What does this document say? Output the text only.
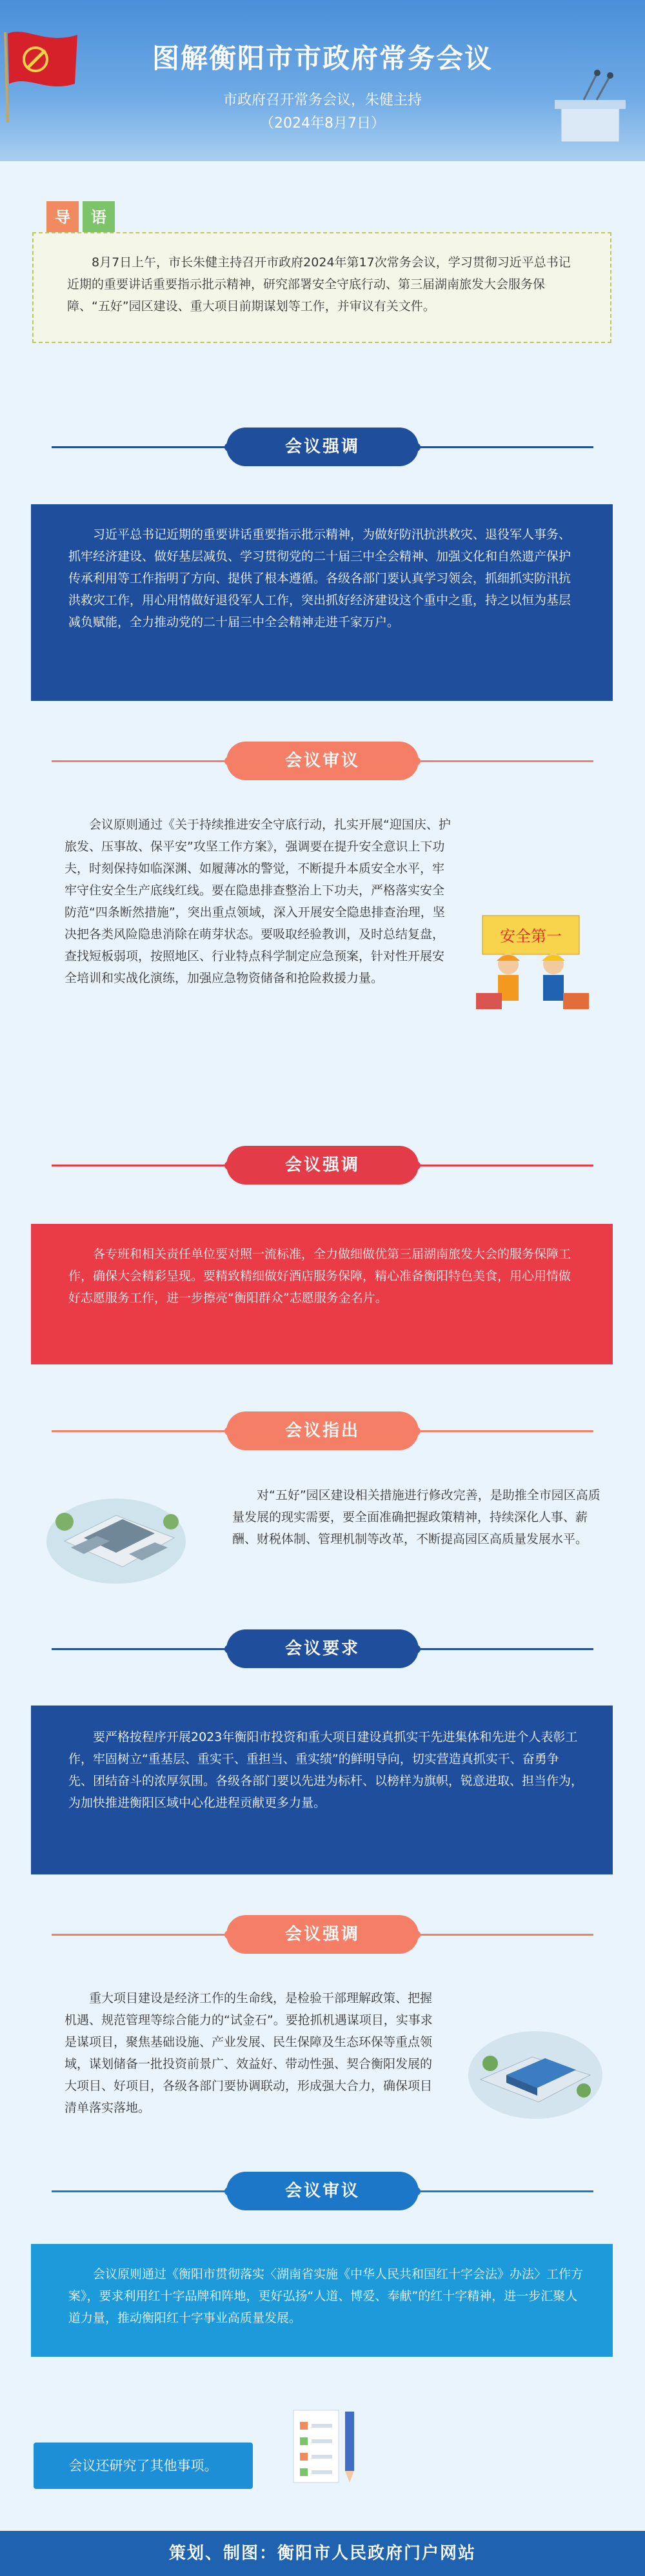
图解衡阳市市政府常务会议
市政府召开常务会议，朱健主持
（2024年8月7日）
导 语

8月7日上午，市长朱健主持召开市政府2024年第17次常务会议，学习贯彻习近平总书记近期的重要讲话重要指示批示精神，研究部署安全守底行动、第三届湖南旅发大会服务保障、“五好”园区建设、重大项目前期谋划等工作，并审议有关文件。

会议强调

习近平总书记近期的重要讲话重要指示批示精神，为做好防汛抗洪救灾、退役军人事务、抓牢经济建设、做好基层减负、学习贯彻党的二十届三中全会精神、加强文化和自然遗产保护传承利用等工作指明了方向、提供了根本遵循。各级各部门要认真学习领会，抓细抓实防汛抗洪救灾工作，用心用情做好退役军人工作，突出抓好经济建设这个重中之重，持之以恒为基层减负赋能，全力推动党的二十届三中全会精神走进千家万户。

会议审议

会议原则通过《关于持续推进安全守底行动，扎实开展“迎国庆、护旅发、压事故、保平安”攻坚工作方案》，强调要在提升安全意识上下功夫，时刻保持如临深渊、如履薄冰的警觉，不断提升本质安全水平，牢牢守住安全生产底线红线。要在隐患排查整治上下功夫，严格落实安全防范“四条断然措施”，突出重点领域，深入开展安全隐患排查治理，坚决把各类风险隐患消除在萌芽状态。要吸取经验教训，及时总结复盘，查找短板弱项，按照地区、行业特点科学制定应急预案，针对性开展安全培训和实战化演练，加强应急物资储备和抢险救援力量。

安全第一
会议强调

各专班和相关责任单位要对照一流标准，全力做细做优第三届湖南旅发大会的服务保障工作，确保大会精彩呈现。要精致精细做好酒店服务保障，精心准备衡阳特色美食，用心用情做好志愿服务工作，进一步擦亮“衡阳群众”志愿服务金名片。

会议指出

对“五好”园区建设相关措施进行修改完善，是助推全市园区高质量发展的现实需要，要全面准确把握政策精神，持续深化人事、薪酬、财税体制、管理机制等改革，不断提高园区高质量发展水平。

会议要求

要严格按程序开展2023年衡阳市投资和重大项目建设真抓实干先进集体和先进个人表彰工作，牢固树立“重基层、重实干、重担当、重实绩”的鲜明导向，切实营造真抓实干、奋勇争先、团结奋斗的浓厚氛围。各级各部门要以先进为标杆、以榜样为旗帜，锐意进取、担当作为，为加快推进衡阳区域中心化进程贡献更多力量。

会议强调

重大项目建设是经济工作的生命线，是检验干部理解政策、把握机遇、规范管理等综合能力的“试金石”。要抢抓机遇谋项目，实事求是谋项目，聚焦基础设施、产业发展、民生保障及生态环保等重点领域，谋划储备一批投资前景广、效益好、带动性强、契合衡阳发展的大项目、好项目，各级各部门要协调联动，形成强大合力，确保项目清单落实落地。

会议审议

会议原则通过《衡阳市贯彻落实〈湖南省实施《中华人民共和国红十字会法》办法〉工作方案》，要求利用红十字品牌和阵地，更好弘扬“人道、博爱、奉献”的红十字精神，进一步汇聚人道力量，推动衡阳红十字事业高质量发展。

会议还研究了其他事项。
策划、制图：衡阳市人民政府门户网站
